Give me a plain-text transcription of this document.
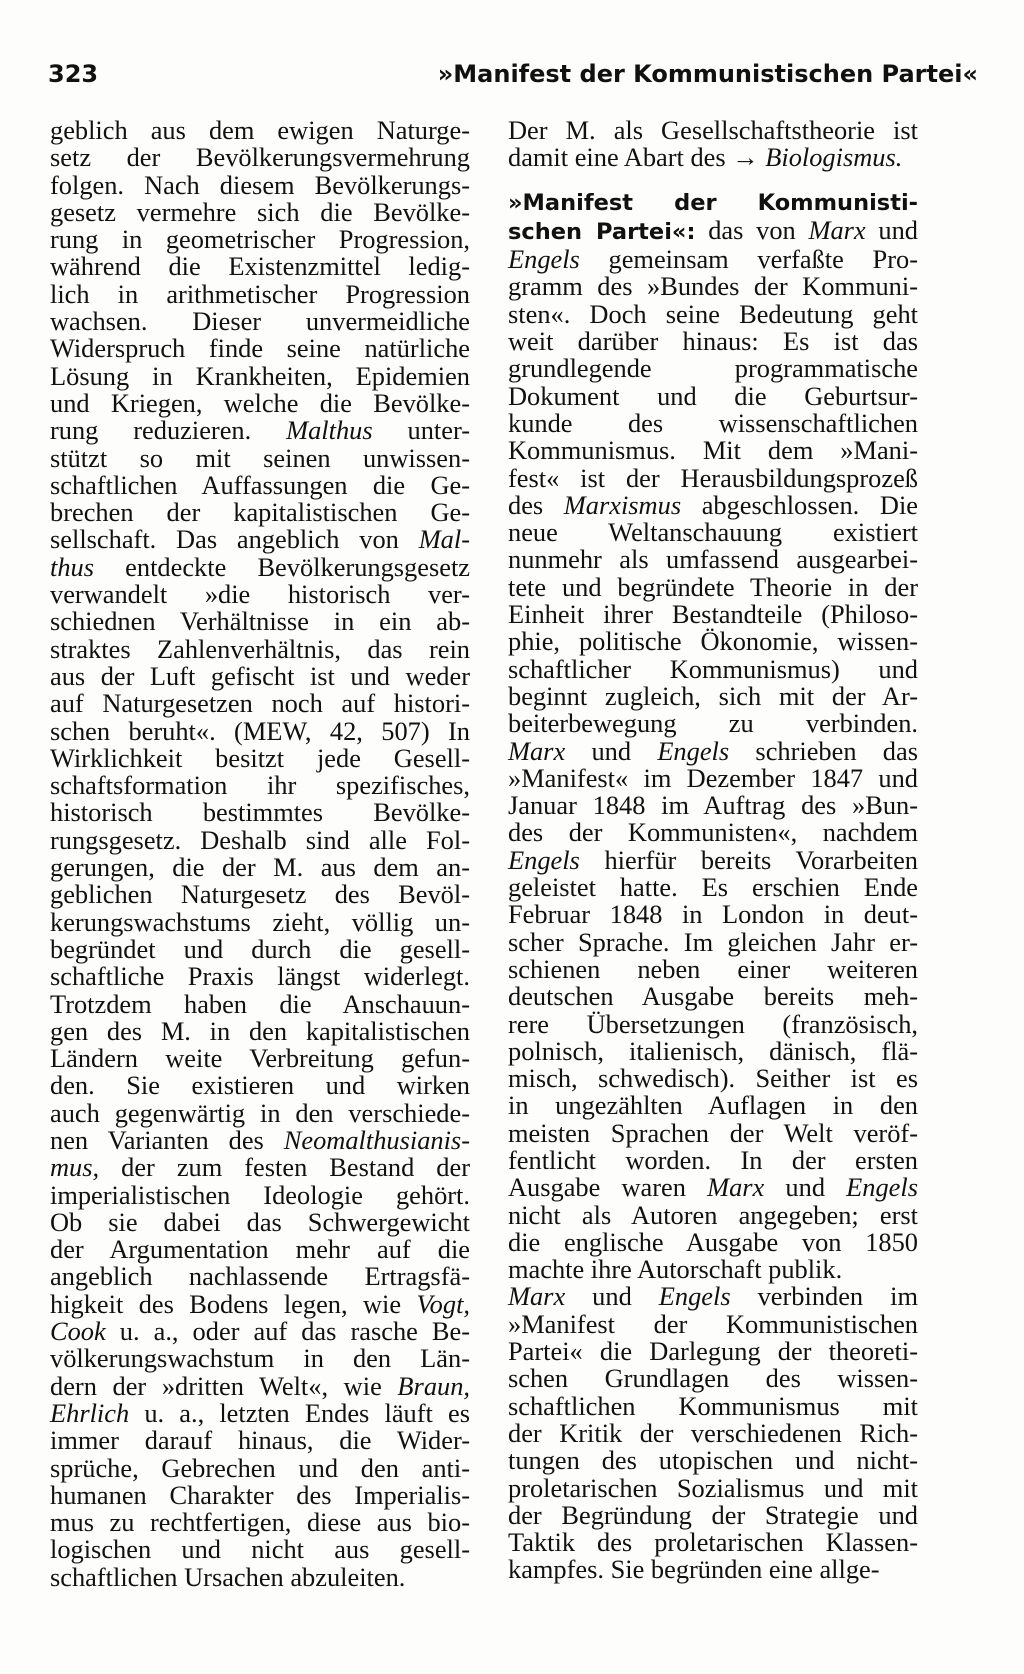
323	»Manifest der Kommunistischen Partei«
geblich aus dem ewigen Naturge-
setz der Bevölkerungsvermehrung
folgen. Nach diesem Bevölkerungs-
gesetz vermehre sich die Bevölke-
rung in geometrischer Progression,
während die Existenzmittel ledig-
lich in arithmetischer Progression
wachsen. Dieser unvermeidliche
Widerspruch finde seine natürliche
Lösung in Krankheiten, Epidemien
und Kriegen, welche die Bevölke-
rung reduzieren. Malthus unter-
stützt so mit seinen unwissen-
schaftlichen Auffassungen die Ge-
brechen der kapitalistischen Ge-
sellschaft. Das angeblich von Mal-
thus entdeckte Bevölkerungsgesetz
verwandelt »die historisch ver-
schiednen Verhältnisse in ein ab-
straktes Zahlenverhältnis, das rein
aus der Luft gefischt ist und weder
auf Naturgesetzen noch auf histori-
schen beruht«. (MEW, 42, 507) In
Wirklichkeit besitzt jede Gesell-
schaftsformation ihr spezifisches,
historisch bestimmtes Bevölke-
rungsgesetz. Deshalb sind alle Fol-
gerungen, die der M. aus dem an-
geblichen Naturgesetz des Bevöl-
kerungswachstums zieht, völlig un-
begründet und durch die gesell-
schaftliche Praxis längst widerlegt.
Trotzdem haben die Anschauun-
gen des M. in den kapitalistischen
Ländern weite Verbreitung gefun-
den. Sie existieren und wirken
auch gegenwärtig in den verschiede-
nen Varianten des Neomalthusianis-
mus, der zum festen Bestand der
imperialistischen Ideologie gehört.
Ob sie dabei das Schwergewicht
der Argumentation mehr auf die
angeblich nachlassende Ertragsfä-
higkeit des Bodens legen, wie Vogt,
Cook u. a., oder auf das rasche Be-
völkerungswachstum in den Län-
dern der »dritten Welt«, wie Braun,
Ehrlich u. a., letzten Endes läuft es
immer darauf hinaus, die Wider-
sprüche, Gebrechen und den anti-
humanen Charakter des Imperialis-
mus zu rechtfertigen, diese aus bio-
logischen und nicht aus gesell-
schaftlichen Ursachen abzuleiten.
Der M. als Gesellschaftstheorie ist
damit eine Abart des → Biologismus.
»Manifest der Kommunisti-
schen Partei«: das von Marx und
Engels gemeinsam verfaßte Pro-
gramm des »Bundes der Kommuni-
sten«. Doch seine Bedeutung geht
weit darüber hinaus: Es ist das
grundlegende programmatische
Dokument und die Geburtsur-
kunde des wissenschaftlichen
Kommunismus. Mit dem »Mani-
fest« ist der Herausbildungsprozeß
des Marxismus abgeschlossen. Die
neue Weltanschauung existiert
nunmehr als umfassend ausgearbei-
tete und begründete Theorie in der
Einheit ihrer Bestandteile (Philoso-
phie, politische Ökonomie, wissen-
schaftlicher Kommunismus) und
beginnt zugleich, sich mit der Ar-
beiterbewegung zu verbinden.
Marx und Engels schrieben das
»Manifest« im Dezember 1847 und
Januar 1848 im Auftrag des »Bun-
des der Kommunisten«, nachdem
Engels hierfür bereits Vorarbeiten
geleistet hatte. Es erschien Ende
Februar 1848 in London in deut-
scher Sprache. Im gleichen Jahr er-
schienen neben einer weiteren
deutschen Ausgabe bereits meh-
rere Übersetzungen (französisch,
polnisch, italienisch, dänisch, flä-
misch, schwedisch). Seither ist es
in ungezählten Auflagen in den
meisten Sprachen der Welt veröf-
fentlicht worden. In der ersten
Ausgabe waren Marx und Engels
nicht als Autoren angegeben; erst
die englische Ausgabe von 1850
machte ihre Autorschaft publik.
Marx und Engels verbinden im
»Manifest der Kommunistischen
Partei« die Darlegung der theoreti-
schen Grundlagen des wissen-
schaftlichen Kommunismus mit
der Kritik der verschiedenen Rich-
tungen des utopischen und nicht-
proletarischen Sozialismus und mit
der Begründung der Strategie und
Taktik des proletarischen Klassen-
kampfes. Sie begründen eine allge-
